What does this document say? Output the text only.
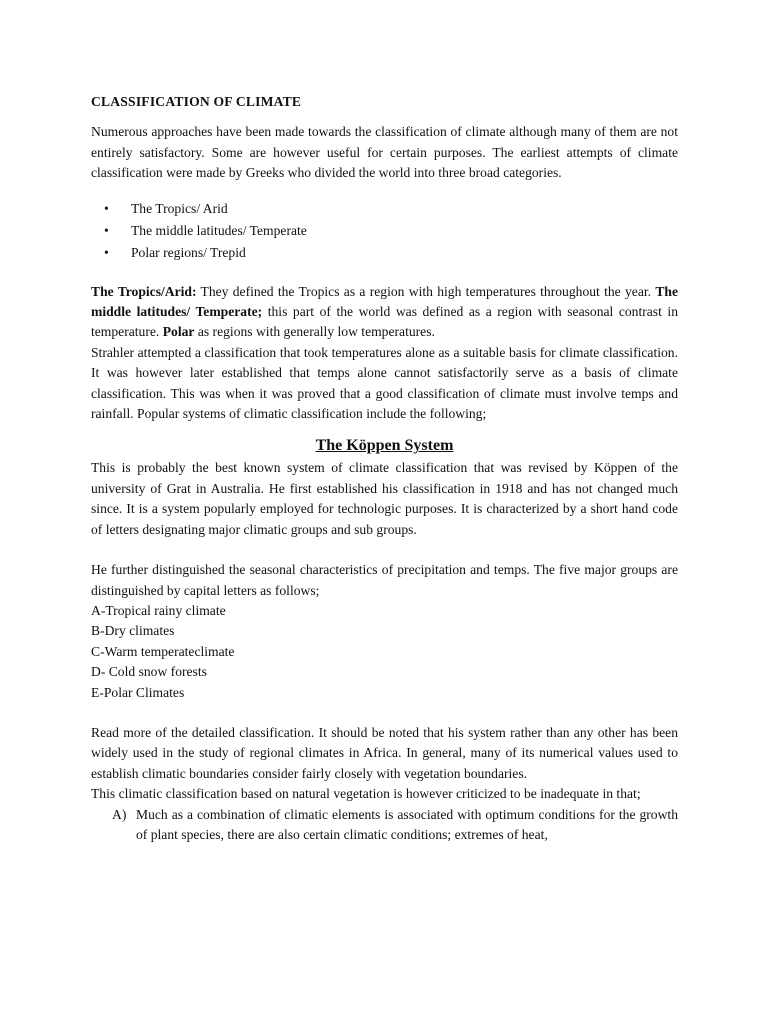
CLASSIFICATION OF CLIMATE

Numerous approaches have been made towards the classification of climate although many of them are not entirely satisfactory. Some are however useful for certain purposes. The earliest attempts of climate classification were made by Greeks who divided the world into three broad categories.

• The Tropics/ Arid
• The middle latitudes/ Temperate
• Polar regions/ Trepid

The Tropics/Arid: They defined the Tropics as a region with high temperatures throughout the year. The middle latitudes/ Temperate; this part of the world was defined as a region with seasonal contrast in temperature. Polar as regions with generally low temperatures.

Strahler attempted a classification that took temperatures alone as a suitable basis for climate classification. It was however later established that temps alone cannot satisfactorily serve as a basis of climate classification. This was when it was proved that a good classification of climate must involve temps and rainfall. Popular systems of climatic classification include the following;

The Köppen System

This is probably the best known system of climate classification that was revised by Köppen of the university of Grat in Australia. He first established his classification in 1918 and has not changed much since. It is a system popularly employed for technologic purposes. It is characterized by a short hand code of letters designating major climatic groups and sub groups.

He further distinguished the seasonal characteristics of precipitation and temps. The five major groups are distinguished by capital letters as follows;

A-Tropical rainy climate
B-Dry climates
C-Warm temperateclimate
D- Cold snow forests
E-Polar Climates

Read more of the detailed classification. It should be noted that his system rather than any other has been widely used in the study of regional climates in Africa. In general, many of its numerical values used to establish climatic boundaries consider fairly closely with vegetation boundaries.

This climatic classification based on natural vegetation is however criticized to be inadequate in that;

A) Much as a combination of climatic elements is associated with optimum conditions for the growth of plant species, there are also certain climatic conditions; extremes of heat,
